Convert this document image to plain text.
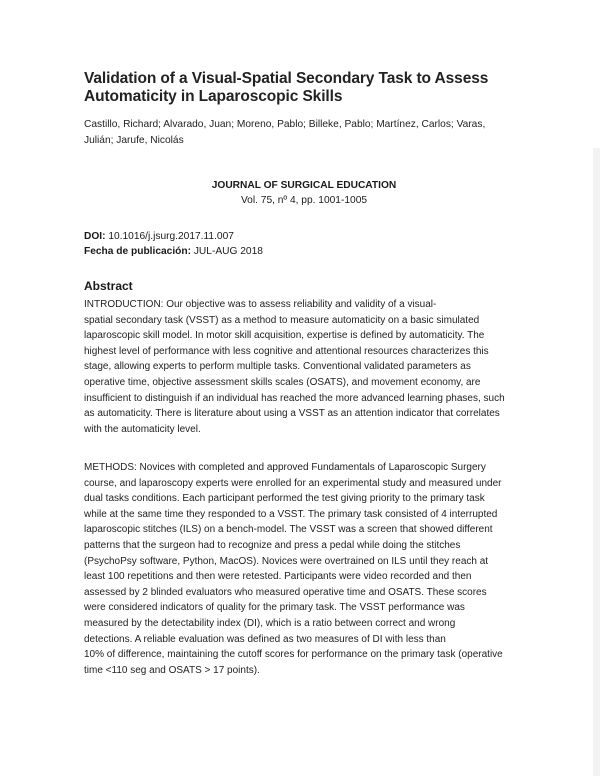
Validation of a Visual-Spatial Secondary Task to Assess
Automaticity in Laparoscopic Skills
Castillo, Richard; Alvarado, Juan; Moreno, Pablo; Billeke, Pablo; Martínez, Carlos; Varas,
Julián; Jarufe, Nicolás
JOURNAL OF SURGICAL EDUCATION
Vol. 75, nº 4, pp. 1001-1005
DOI: 10.1016/j.jsurg.2017.11.007
Fecha de publicación: JUL-AUG 2018
Abstract
INTRODUCTION: Our objective was to assess reliability and validity of a visual-
spatial secondary task (VSST) as a method to measure automaticity on a basic simulated
laparoscopic skill model. In motor skill acquisition, expertise is defined by automaticity. The
highest level of performance with less cognitive and attentional resources characterizes this
stage, allowing experts to perform multiple tasks. Conventional validated parameters as
operative time, objective assessment skills scales (OSATS), and movement economy, are
insufficient to distinguish if an individual has reached the more advanced learning phases, such
as automaticity. There is literature about using a VSST as an attention indicator that correlates
with the automaticity level.
METHODS: Novices with completed and approved Fundamentals of Laparoscopic Surgery
course, and laparoscopy experts were enrolled for an experimental study and measured under
dual tasks conditions. Each participant performed the test giving priority to the primary task
while at the same time they responded to a VSST. The primary task consisted of 4 interrupted
laparoscopic stitches (ILS) on a bench-model. The VSST was a screen that showed different
patterns that the surgeon had to recognize and press a pedal while doing the stitches
(PsychoPsy software, Python, MacOS). Novices were overtrained on ILS until they reach at
least 100 repetitions and then were retested. Participants were video recorded and then
assessed by 2 blinded evaluators who measured operative time and OSATS. These scores
were considered indicators of quality for the primary task. The VSST performance was
measured by the detectability index (DI), which is a ratio between correct and wrong
detections. A reliable evaluation was defined as two measures of DI with less than
10% of difference, maintaining the cutoff scores for performance on the primary task (operative
time <110 seg and OSATS > 17 points).
